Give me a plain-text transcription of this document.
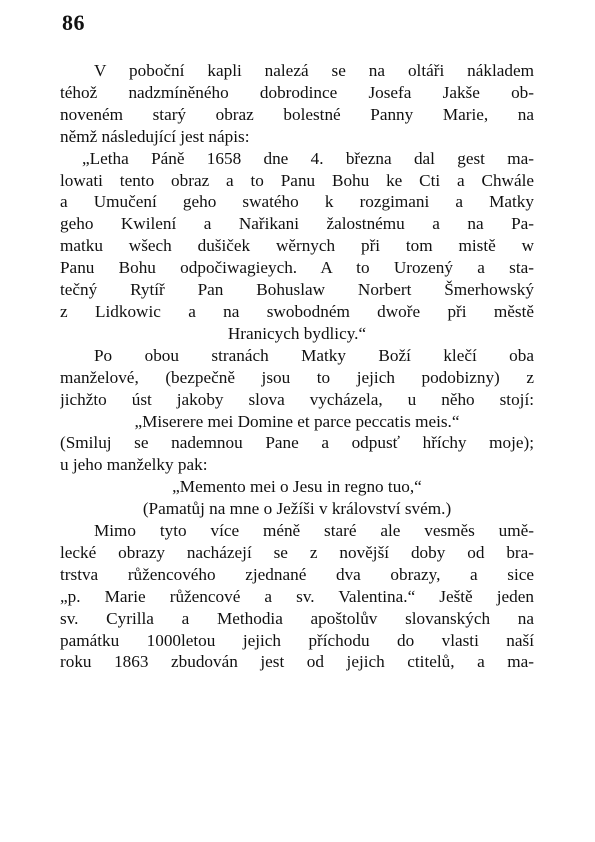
86
V poboční kapli nalezá se na oltáři nákladem
téhož nadzmíněného dobrodince Josefa Jakše ob-
noveném starý obraz bolestné Panny Marie, na
němž následující jest nápis:
„Letha Páně 1658 dne 4. března dal gest ma-
lowati tento obraz a to Panu Bohu ke Cti a Chwále
a Umučení geho swatého k rozgimani a Matky
geho Kwilení a Nařikani žalostnému a na Pa-
matku wšech dušiček wěrnych při tom mistě w
Panu Bohu odpočiwagieych. A to Urozený a sta-
tečný Rytíř Pan Bohuslaw Norbert Šmerhowský
z Lidkowic a na swobodném dwoře při městě
Hranicych bydlicy.“
Po obou stranách Matky Boží klečí oba
manželové, (bezpečně jsou to jejich podobizny) z
jichžto úst jakoby slova vycházela, u něho stojí:
„Miserere mei Domine et parce peccatis meis.“
(Smiluj se nademnou Pane a odpusť hříchy moje);
u jeho manželky pak:
„Memento mei o Jesu in regno tuo,“
(Pamatůj na mne o Ježíši v království svém.)
Mimo tyto více méně staré ale vesměs umě-
lecké obrazy nacházejí se z novější doby od bra-
trstva růžencového zjednané dva obrazy, a sice
„p. Marie růžencové a sv. Valentina.“ Ještě jeden
sv. Cyrilla a Methodia apoštolův slovanských na
památku 1000letou jejich příchodu do vlasti naší
roku 1863 zbudován jest od jejich ctitelů, a ma-
